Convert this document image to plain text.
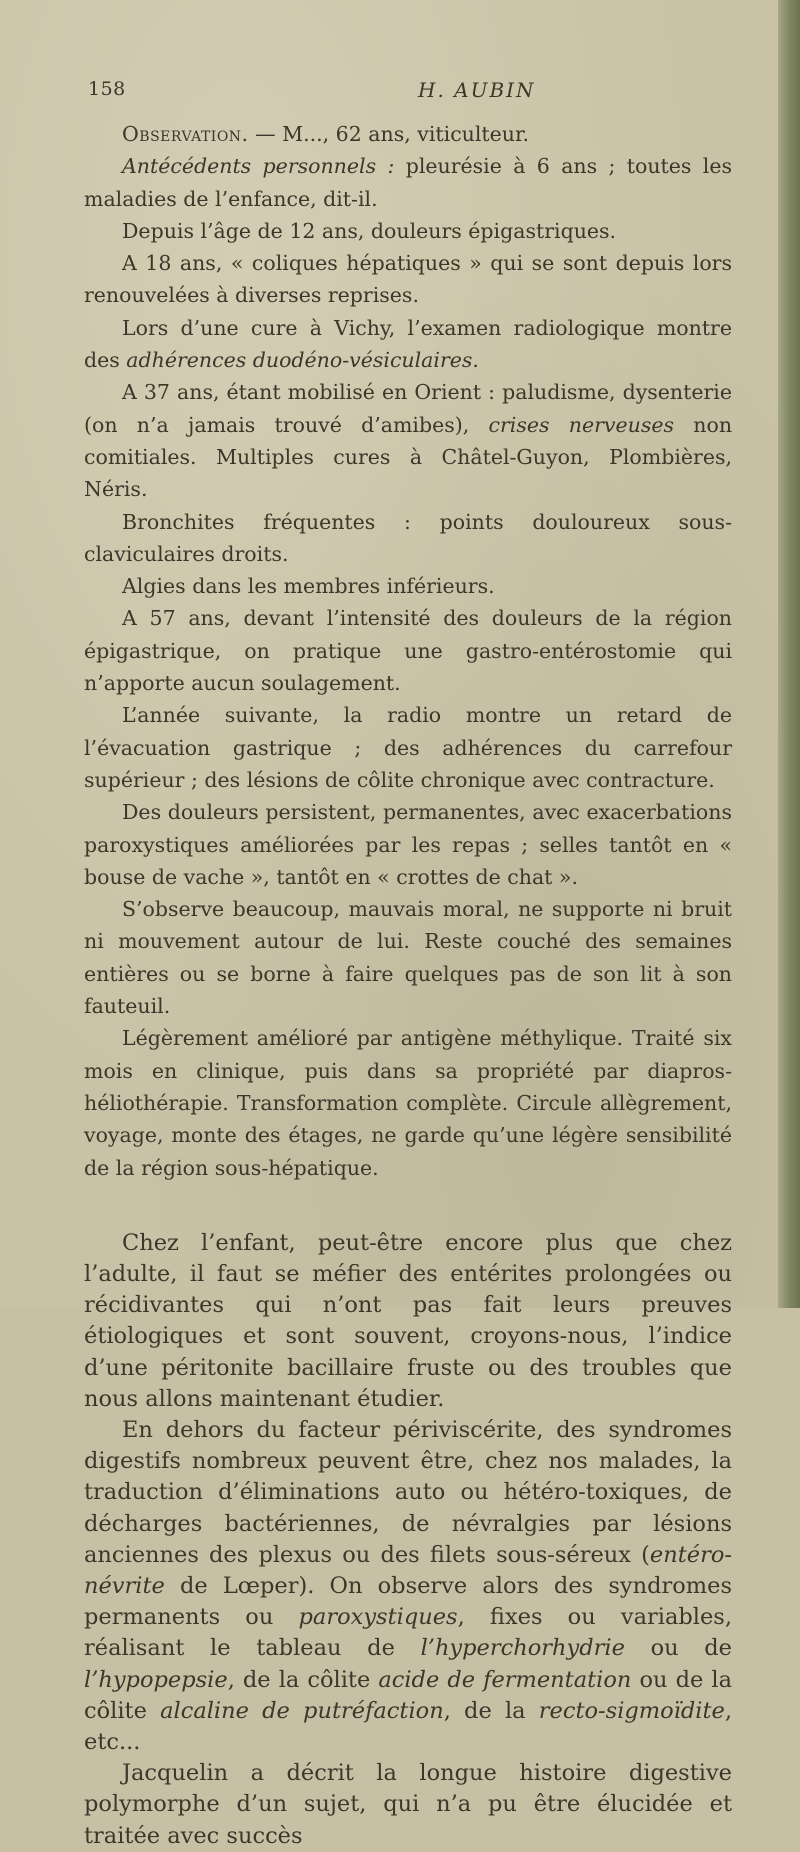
158	H. AUBIN

Observation. — M..., 62 ans, viticulteur.

Antécédents personnels : pleurésie à 6 ans ; toutes les maladies de l’enfance, dit-il.

Depuis l’âge de 12 ans, douleurs épigastriques.

A 18 ans, « coliques hépatiques » qui se sont depuis lors renouvelées à diverses reprises.

Lors d’une cure à Vichy, l’examen radiologique montre des adhérences duodéno-vésiculaires.

A 37 ans, étant mobilisé en Orient : paludisme, dysenterie (on n’a jamais trouvé d’amibes), crises nerveuses non comitiales. Multiples cures à Châtel-Guyon, Plombières, Néris.

Bronchites fréquentes : points douloureux sous-claviculaires droits.

Algies dans les membres inférieurs.

A 57 ans, devant l’intensité des douleurs de la région épigastrique, on pratique une gastro-entérostomie qui n’apporte aucun soulagement.

L’année suivante, la radio montre un retard de l’évacuation gastrique ; des adhérences du carrefour supérieur ; des lésions de côlite chronique avec contracture.

Des douleurs persistent, permanentes, avec exacerbations paroxystiques améliorées par les repas ; selles tantôt en « bouse de vache », tantôt en « crottes de chat ».

S’observe beaucoup, mauvais moral, ne supporte ni bruit ni mouvement autour de lui. Reste couché des semaines entières ou se borne à faire quelques pas de son lit à son fauteuil.

Légèrement amélioré par antigène méthylique. Traité six mois en clinique, puis dans sa propriété par diapros-héliothérapie. Transformation complète. Circule allègrement, voyage, monte des étages, ne garde qu’une légère sensibilité de la région sous-hépatique.

Chez l’enfant, peut-être encore plus que chez l’adulte, il faut se méfier des entérites prolongées ou récidivantes qui n’ont pas fait leurs preuves étiologiques et sont souvent, croyons-nous, l’indice d’une péritonite bacillaire fruste ou des troubles que nous allons maintenant étudier.

En dehors du facteur périviscérite, des syndromes digestifs nombreux peuvent être, chez nos malades, la traduction d’éliminations auto ou hétéro-toxiques, de décharges bactériennes, de névralgies par lésions anciennes des plexus ou des filets sous-séreux (entéro-névrite de Lœper). On observe alors des syndromes permanents ou paroxystiques, fixes ou variables, réalisant le tableau de l’hyperchorhydrie ou de l’hypopepsie, de la côlite acide de fermentation ou de la côlite alcaline de putréfaction, de la recto-sigmoïdite, etc...

Jacquelin a décrit la longue histoire digestive polymorphe d’un sujet, qui n’a pu être élucidée et traitée avec succès
